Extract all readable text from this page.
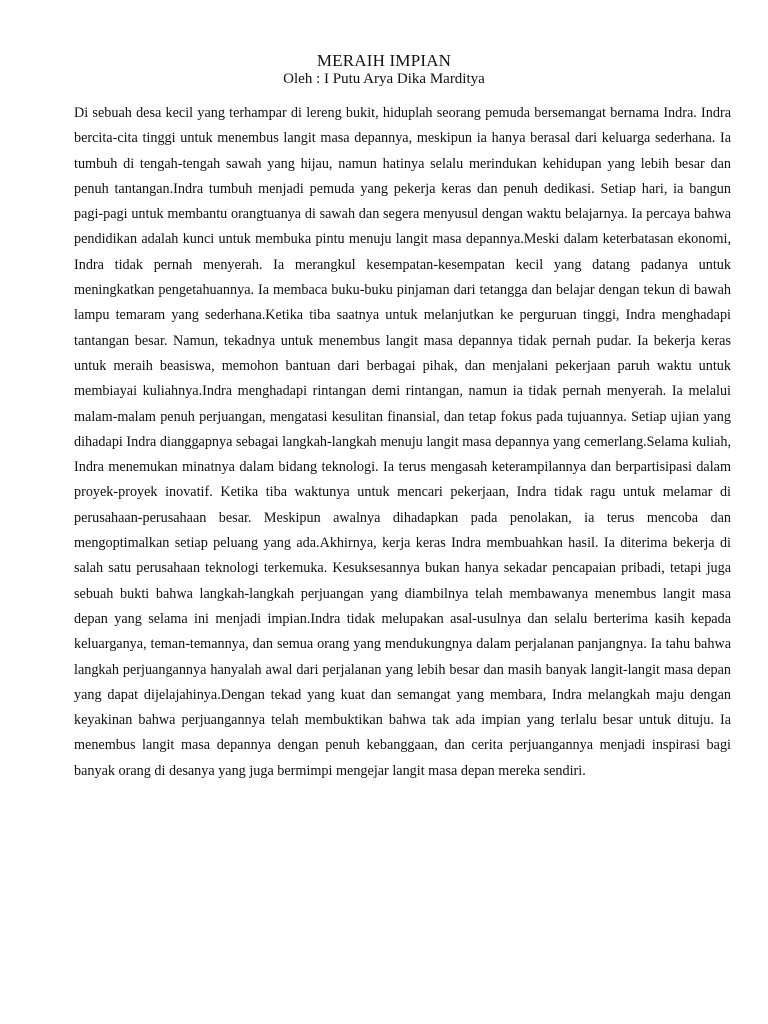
MERAIH IMPIAN

Oleh : I Putu Arya Dika Marditya

Di sebuah desa kecil yang terhampar di lereng bukit, hiduplah seorang pemuda bersemangat bernama Indra. Indra bercita-cita tinggi untuk menembus langit masa depannya, meskipun ia hanya berasal dari keluarga sederhana. Ia tumbuh di tengah-tengah sawah yang hijau, namun hatinya selalu merindukan kehidupan yang lebih besar dan penuh tantangan.Indra tumbuh menjadi pemuda yang pekerja keras dan penuh dedikasi. Setiap hari, ia bangun pagi-pagi untuk membantu orangtuanya di sawah dan segera menyusul dengan waktu belajarnya. Ia percaya bahwa pendidikan adalah kunci untuk membuka pintu menuju langit masa depannya.Meski dalam keterbatasan ekonomi, Indra tidak pernah menyerah. Ia merangkul kesempatan-kesempatan kecil yang datang padanya untuk meningkatkan pengetahuannya. Ia membaca buku-buku pinjaman dari tetangga dan belajar dengan tekun di bawah lampu temaram yang sederhana.Ketika tiba saatnya untuk melanjutkan ke perguruan tinggi, Indra menghadapi tantangan besar. Namun, tekadnya untuk menembus langit masa depannya tidak pernah pudar. Ia bekerja keras untuk meraih beasiswa, memohon bantuan dari berbagai pihak, dan menjalani pekerjaan paruh waktu untuk membiayai kuliahnya.Indra menghadapi rintangan demi rintangan, namun ia tidak pernah menyerah. Ia melalui malam-malam penuh perjuangan, mengatasi kesulitan finansial, dan tetap fokus pada tujuannya. Setiap ujian yang dihadapi Indra dianggapnya sebagai langkah-langkah menuju langit masa depannya yang cemerlang.Selama kuliah, Indra menemukan minatnya dalam bidang teknologi. Ia terus mengasah keterampilannya dan berpartisipasi dalam proyek-proyek inovatif. Ketika tiba waktunya untuk mencari pekerjaan, Indra tidak ragu untuk melamar di perusahaan-perusahaan besar. Meskipun awalnya dihadapkan pada penolakan, ia terus mencoba dan mengoptimalkan setiap peluang yang ada.Akhirnya, kerja keras Indra membuahkan hasil. Ia diterima bekerja di salah satu perusahaan teknologi terkemuka. Kesuksesannya bukan hanya sekadar pencapaian pribadi, tetapi juga sebuah bukti bahwa langkah-langkah perjuangan yang diambilnya telah membawanya menembus langit masa depan yang selama ini menjadi impian.Indra tidak melupakan asal-usulnya dan selalu berterima kasih kepada keluarganya, teman-temannya, dan semua orang yang mendukungnya dalam perjalanan panjangnya. Ia tahu bahwa langkah perjuangannya hanyalah awal dari perjalanan yang lebih besar dan masih banyak langit-langit masa depan yang dapat dijelajahinya.Dengan tekad yang kuat dan semangat yang membara, Indra melangkah maju dengan keyakinan bahwa perjuangannya telah membuktikan bahwa tak ada impian yang terlalu besar untuk dituju. Ia menembus langit masa depannya dengan penuh kebanggaan, dan cerita perjuangannya menjadi inspirasi bagi banyak orang di desanya yang juga bermimpi mengejar langit masa depan mereka sendiri.
